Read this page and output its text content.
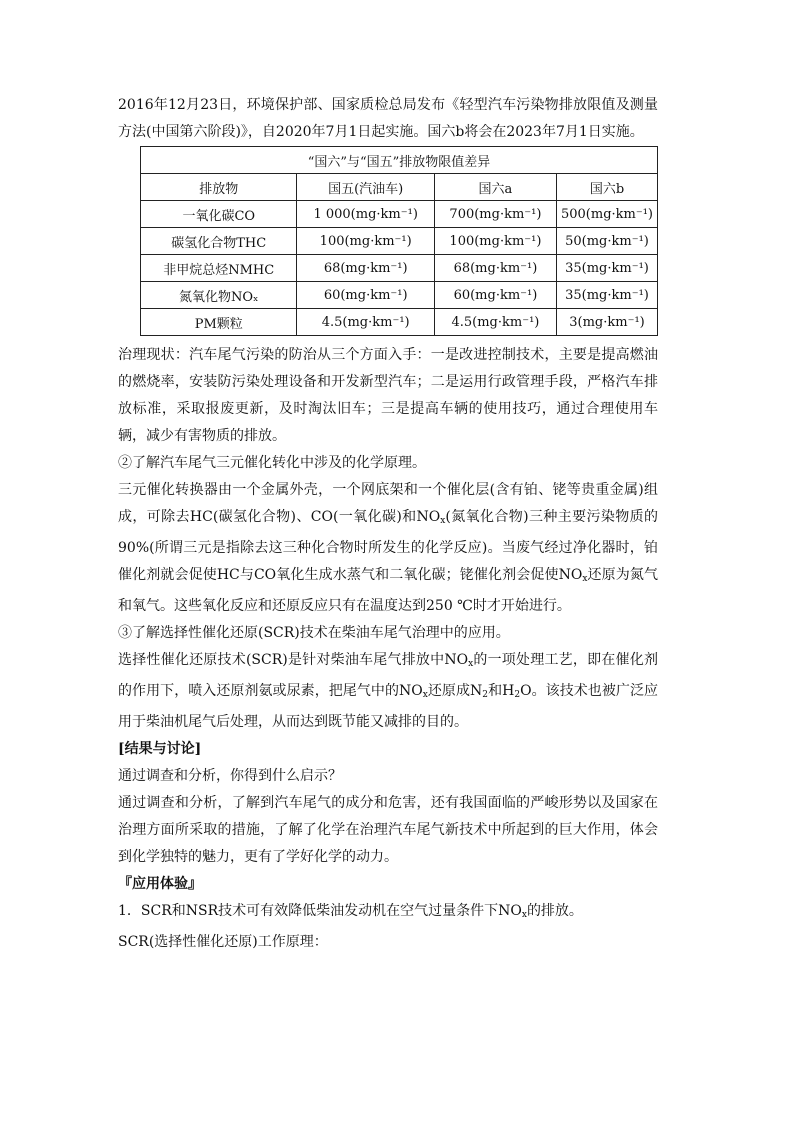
2016年12月23日，环境保护部、国家质检总局发布《轻型汽车污染物排放限值及测量方法(中国第六阶段)》，自2020年7月1日起实施。国六b将会在2023年7月1日实施。

“国六”与“国五”排放物限值差异			
排放物	国五(汽油车)	国六a	国六b
一氧化碳CO	1 000(mg·km⁻¹)	700(mg·km⁻¹)	500(mg·km⁻¹)
碳氢化合物THC	100(mg·km⁻¹)	100(mg·km⁻¹)	50(mg·km⁻¹)
非甲烷总烃NMHC	68(mg·km⁻¹)	68(mg·km⁻¹)	35(mg·km⁻¹)
氮氧化物NOₓ	60(mg·km⁻¹)	60(mg·km⁻¹)	35(mg·km⁻¹)
PM颗粒	4.5(mg·km⁻¹)	4.5(mg·km⁻¹)	3(mg·km⁻¹)

治理现状：汽车尾气污染的防治从三个方面入手：一是改进控制技术，主要是提高燃油的燃烧率，安装防污染处理设备和开发新型汽车；二是运用行政管理手段，严格汽车排放标准，采取报废更新，及时淘汰旧车；三是提高车辆的使用技巧，通过合理使用车辆，减少有害物质的排放。

②了解汽车尾气三元催化转化中涉及的化学原理。

三元催化转换器由一个金属外壳，一个网底架和一个催化层(含有铂、铑等贵重金属)组成，可除去HC(碳氢化合物)、CO(一氧化碳)和$NO_x$(氮氧化合物)三种主要污染物质的90%(所谓三元是指除去这三种化合物时所发生的化学反应)。当废气经过净化器时，铂催化剂就会促使HC与CO氧化生成水蒸气和二氧化碳；铑催化剂会促使$NO_x$还原为氮气和氧气。这些氧化反应和还原反应只有在温度达到250 ℃时才开始进行。

③了解选择性催化还原(SCR)技术在柴油车尾气治理中的应用。

选择性催化还原技术(SCR)是针对柴油车尾气排放中$NO_x$的一项处理工艺，即在催化剂的作用下，喷入还原剂氨或尿素，把尾气中的$NO_x$还原成$N_2$和$H_2O$。该技术也被广泛应用于柴油机尾气后处理，从而达到既节能又减排的目的。

[结果与讨论]

通过调查和分析，你得到什么启示？

通过调查和分析，了解到汽车尾气的成分和危害，还有我国面临的严峻形势以及国家在治理方面所采取的措施，了解了化学在治理汽车尾气新技术中所起到的巨大作用，体会到化学独特的魅力，更有了学好化学的动力。

『应用体验』

1．SCR和NSR技术可有效降低柴油发动机在空气过量条件下$NO_x$的排放。

SCR(选择性催化还原)工作原理：
